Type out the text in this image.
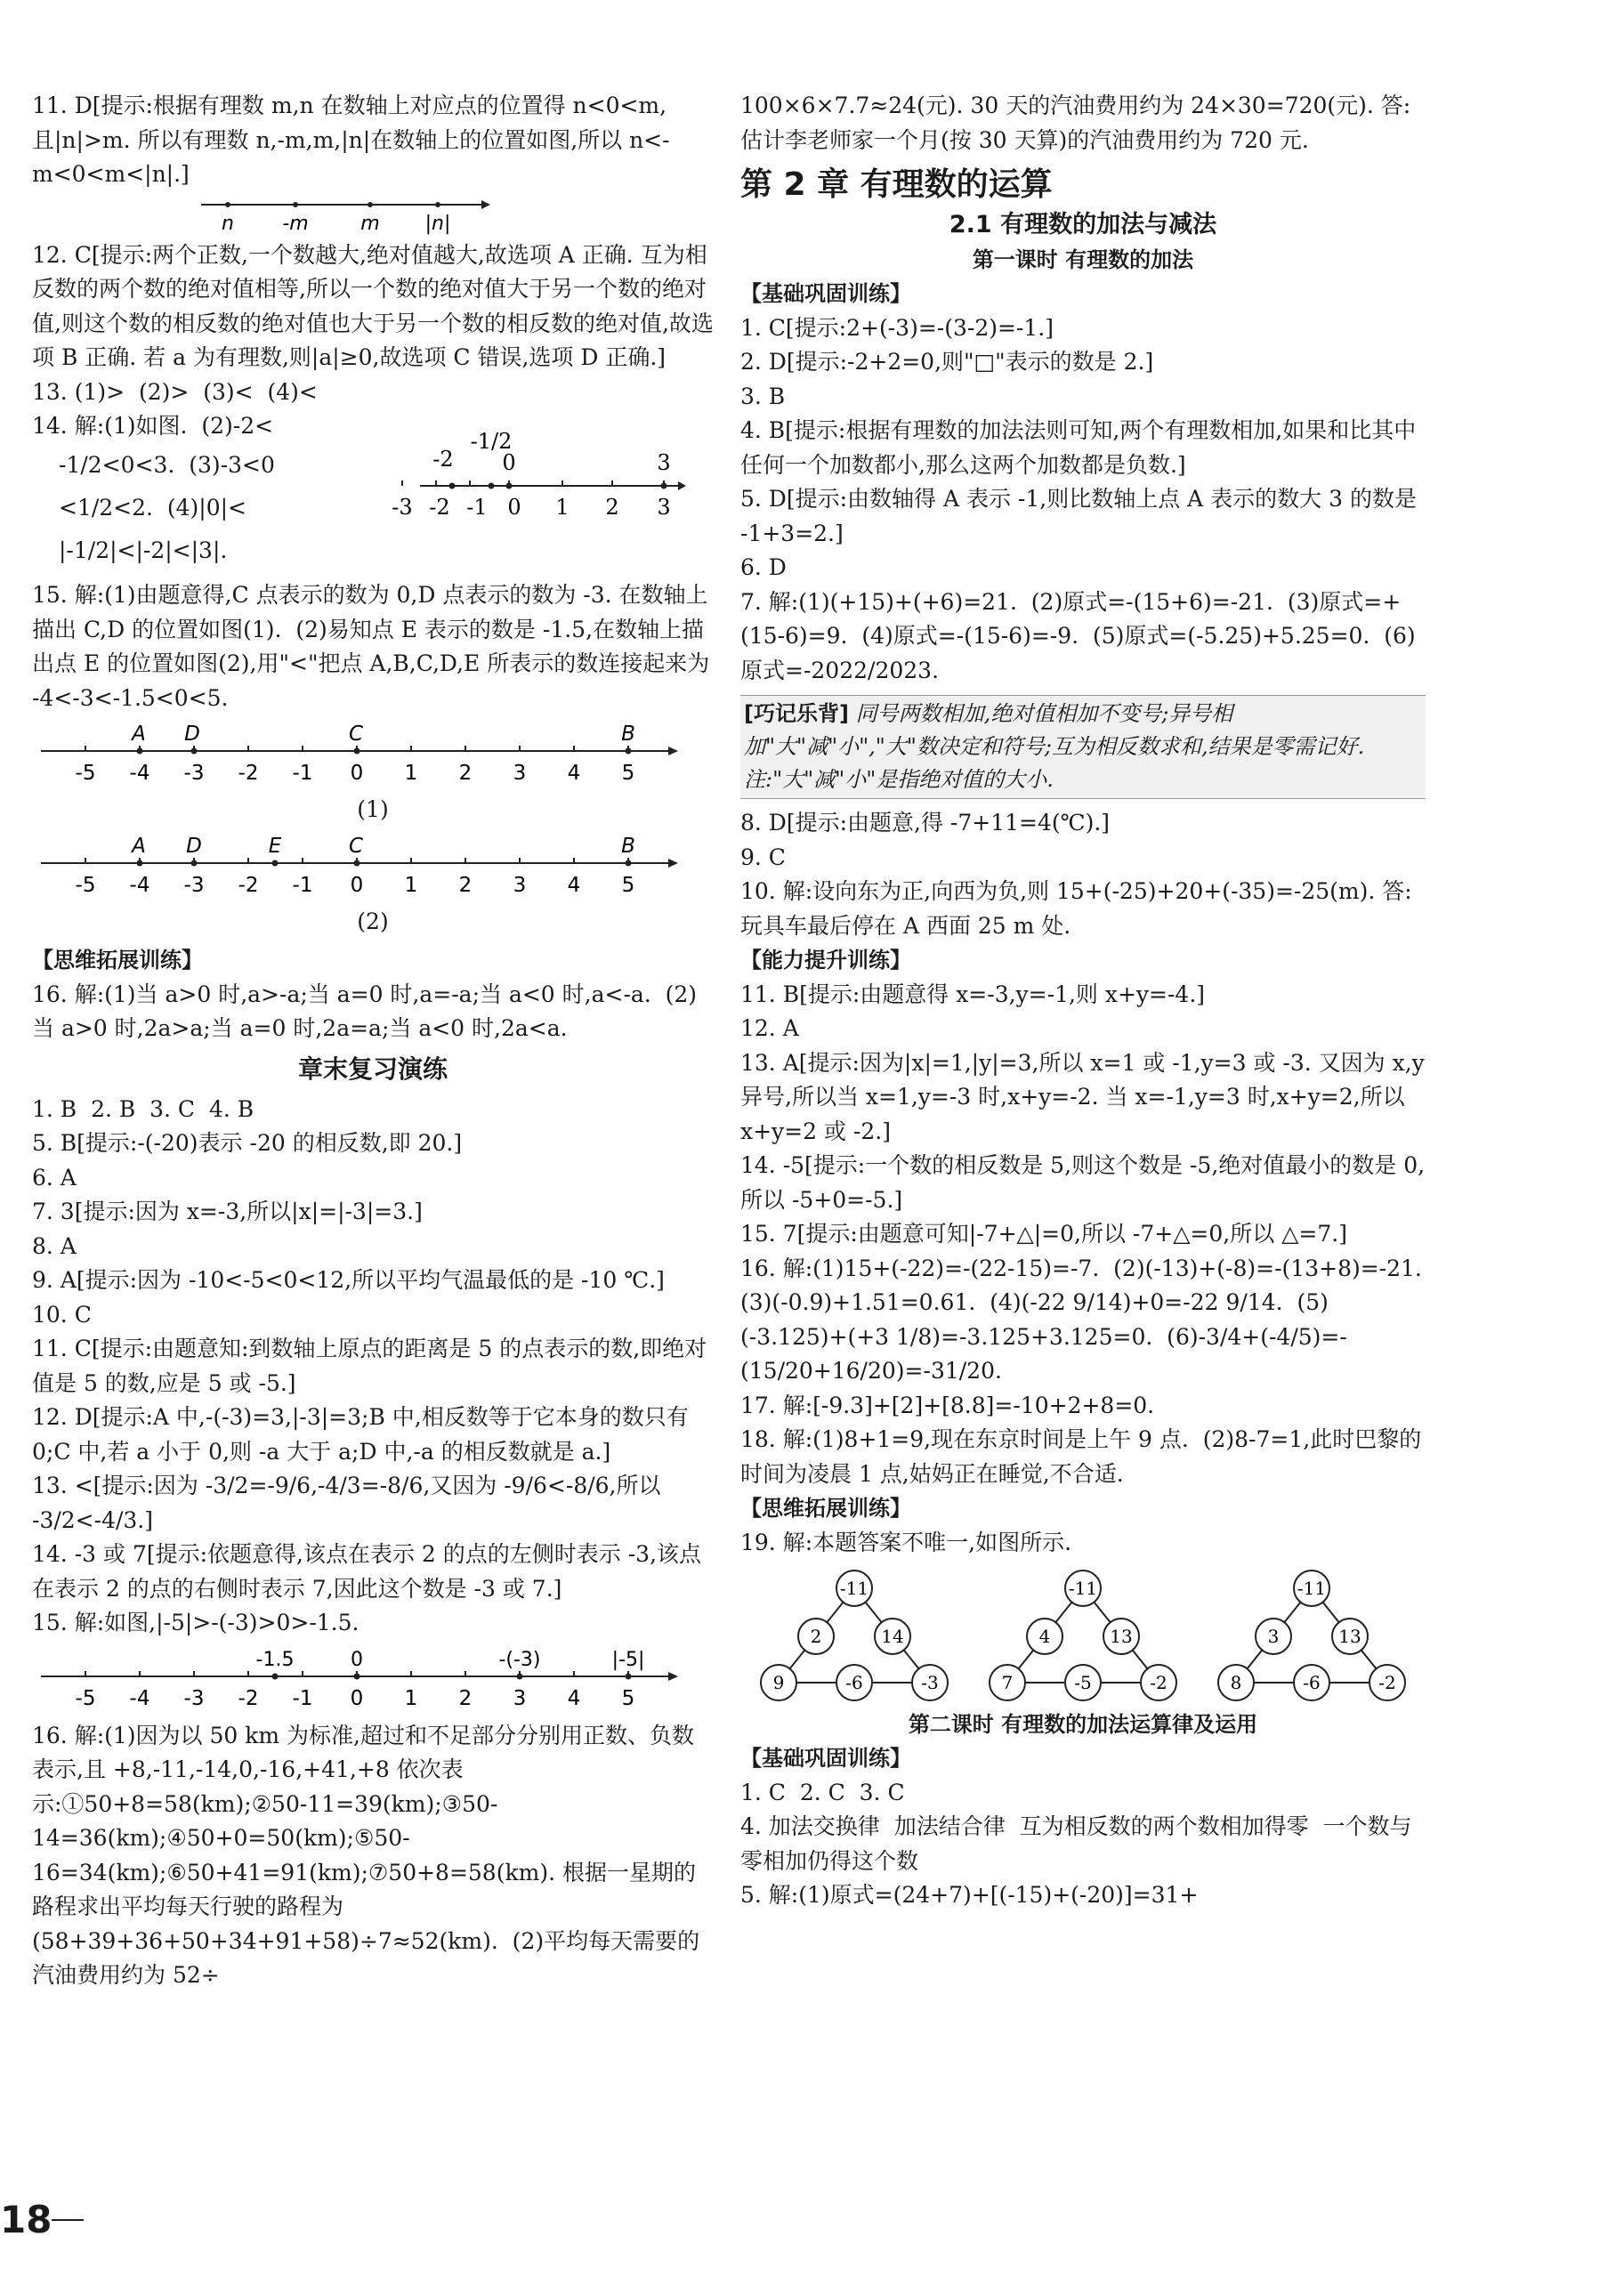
11. D[提示:根据有理数 m,n 在数轴上对应点的位置得 n<0<m,且|n|>m. 所以有理数 n,-m,m,|n|在数轴上的位置如图,所以 n<-m<0<m<|n|.]

n -m	m |n|

12. C[提示:两个正数,一个数越大,绝对值越大,故选项 A 正确. 互为相反数的两个数的绝对值相等,所以一个数的绝对值大于另一个数的绝对值,则这个数的相反数的绝对值也大于另一个数的相反数的绝对值,故选项 B 正确. 若 a 为有理数,则|a|≥0,故选项 C 错误,选项 D 正确.]

13. (1)>  (2)>  (3)<  (4)<

14. 解:(1)如图.  (2)-2<

-1/2<0<3.  (3)-3<0

<1/2<2.  (4)|0|<

|-1/2|<|-2|<|3|.

-2
-1/2
0	3
-3 -2 -1 0 1 2 3

15. 解:(1)由题意得,C 点表示的数为 0,D 点表示的数为 -3. 在数轴上描出 C,D 的位置如图(1).  (2)易知点 E 表示的数是 -1.5,在数轴上描出点 E 的位置如图(2),用"<"把点 A,B,C,D,E 所表示的数连接起来为 -4<-3<-1.5<0<5.

A D	C	B
-5 -4 -3 -2 -1 0 1 2 3 4 5
(1)
A D	E	C	B
-5 -4 -3 -2 -1 0 1 2 3 4 5
(2)
【思维拓展训练】

16. 解:(1)当 a>0 时,a>-a;当 a=0 时,a=-a;当 a<0 时,a<-a.  (2)当 a>0 时,2a>a;当 a=0 时,2a=a;当 a<0 时,2a<a.

章末复习演练

1. B  2. B  3. C  4. B

5. B[提示:-(-20)表示 -20 的相反数,即 20.]

6. A

7. 3[提示:因为 x=-3,所以|x|=|-3|=3.]

8. A

9. A[提示:因为 -10<-5<0<12,所以平均气温最低的是 -10 ℃.]

10. C

11. C[提示:由题意知:到数轴上原点的距离是 5 的点表示的数,即绝对值是 5 的数,应是 5 或 -5.]

12. D[提示:A 中,-(-3)=3,|-3|=3;B 中,相反数等于它本身的数只有 0;C 中,若 a 小于 0,则 -a 大于 a;D 中,-a 的相反数就是 a.]

13. <[提示:因为 -3/2=-9/6,-4/3=-8/6,又因为 -9/6<-8/6,所以 -3/2<-4/3.]

14. -3 或 7[提示:依题意得,该点在表示 2 的点的左侧时表示 -3,该点在表示 2 的点的右侧时表示 7,因此这个数是 -3 或 7.]

15. 解:如图,|-5|>-(-3)>0>-1.5.

-1.5	0	-(-3)	|-5|
-5 -4 -3 -2 -1 0 1 2 3 4 5

16. 解:(1)因为以 50 km 为标准,超过和不足部分分别用正数、负数表示,且 +8,-11,-14,0,-16,+41,+8 依次表示:①50+8=58(km);②50-11=39(km);③50-14=36(km);④50+0=50(km);⑤50-16=34(km);⑥50+41=91(km);⑦50+8=58(km). 根据一星期的路程求出平均每天行驶的路程为(58+39+36+50+34+91+58)÷7≈52(km).  (2)平均每天需要的汽油费用约为 52÷

100×6×7.7≈24(元). 30 天的汽油费用约为 24×30=720(元). 答:估计李老师家一个月(按 30 天算)的汽油费用约为 720 元.

第 2 章 有理数的运算
2.1 有理数的加法与减法
第一课时 有理数的加法
【基础巩固训练】

1. C[提示:2+(-3)=-(3-2)=-1.]

2. D[提示:-2+2=0,则"□"表示的数是 2.]

3. B

4. B[提示:根据有理数的加法法则可知,两个有理数相加,如果和比其中任何一个加数都小,那么这两个加数都是负数.]

5. D[提示:由数轴得 A 表示 -1,则比数轴上点 A 表示的数大 3 的数是 -1+3=2.]

6. D

7. 解:(1)(+15)+(+6)=21.  (2)原式=-(15+6)=-21.  (3)原式=+(15-6)=9.  (4)原式=-(15-6)=-9.  (5)原式=(-5.25)+5.25=0.  (6)原式=-2022/2023.

[巧记乐背] 同号两数相加,绝对值相加不变号;异号相加"大"减"小","大"数决定和符号;互为相反数求和,结果是零需记好. 注:"大"减"小"是指绝对值的大小.

8. D[提示:由题意,得 -7+11=4(℃).]

9. C

10. 解:设向东为正,向西为负,则 15+(-25)+20+(-35)=-25(m). 答:玩具车最后停在 A 西面 25 m 处.

【能力提升训练】

11. B[提示:由题意得 x=-3,y=-1,则 x+y=-4.]

12. A

13. A[提示:因为|x|=1,|y|=3,所以 x=1 或 -1,y=3 或 -3. 又因为 x,y 异号,所以当 x=1,y=-3 时,x+y=-2. 当 x=-1,y=3 时,x+y=2,所以 x+y=2 或 -2.]

14. -5[提示:一个数的相反数是 5,则这个数是 -5,绝对值最小的数是 0,所以 -5+0=-5.]

15. 7[提示:由题意可知|-7+△|=0,所以 -7+△=0,所以 △=7.]

16. 解:(1)15+(-22)=-(22-15)=-7.  (2)(-13)+(-8)=-(13+8)=-21.  (3)(-0.9)+1.51=0.61.  (4)(-22 9/14)+0=-22 9/14.  (5)(-3.125)+(+3 1/8)=-3.125+3.125=0.  (6)-3/4+(-4/5)=-(15/20+16/20)=-31/20.

17. 解:[-9.3]+[2]+[8.8]=-10+2+8=0.

18. 解:(1)8+1=9,现在东京时间是上午 9 点.  (2)8-7=1,此时巴黎的时间为凌晨 1 点,姑妈正在睡觉,不合适.

【思维拓展训练】

19. 解:本题答案不唯一,如图所示.

-11
2	14
9	-6	-3
-11
4	13
7	-5	-2
-11
3	13
8	-6	-2
第二课时 有理数的加法运算律及运用
【基础巩固训练】

1. C  2. C  3. C

4. 加法交换律  加法结合律  互为相反数的两个数相加得零  一个数与零相加仍得这个数

5. 解:(1)原式=(24+7)+[(-15)+(-20)]=31+

18
